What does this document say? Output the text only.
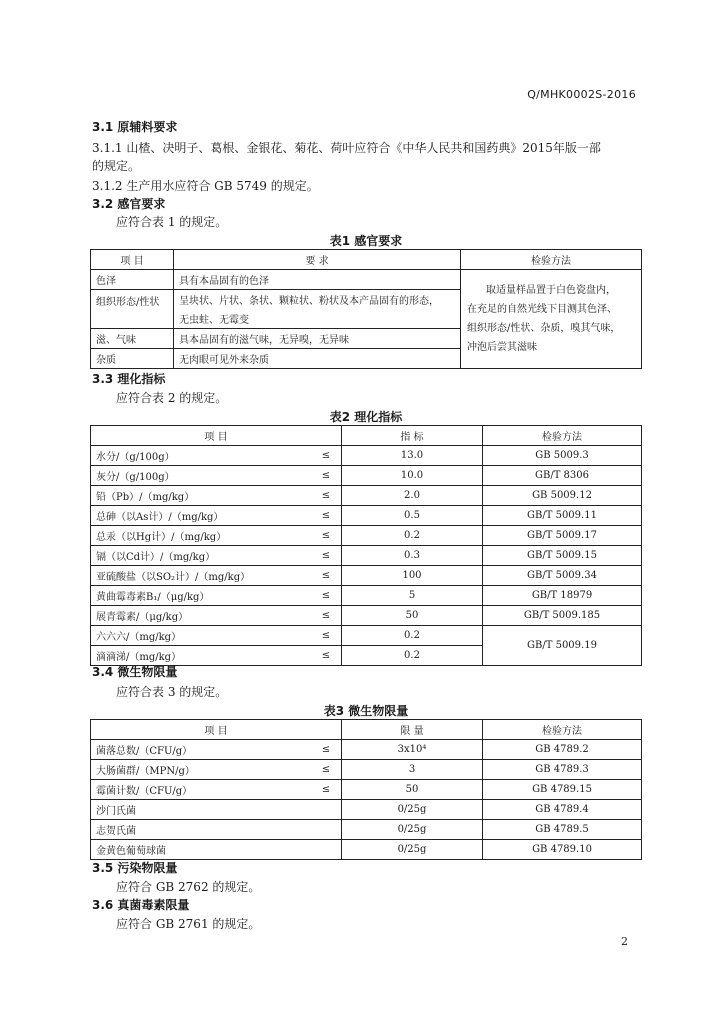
Q/MHK0002S-2016
3.1 原辅料要求
3.1.1 山楂、决明子、葛根、金银花、菊花、荷叶应符合《中华人民共和国药典》2015年版一部
的规定。
3.1.2 生产用水应符合 GB 5749 的规定。
3.2 感官要求
应符合表 1 的规定。
表1 感官要求
项 目	要 求	检验方法
色泽	具有本品固有的色泽	取适量样品置于白色瓷盘内，
在充足的自然光线下目测其色泽、
组织形态/性状、杂质，嗅其气味，
冲泡后尝其滋味

组织形态/性状	呈块状、片状、条状、颗粒状、粉状及本产品固有的形态，	
	无虫蛀、无霉变	
滋、气味	具本品固有的滋气味，无异嗅，无异味	
杂质	无肉眼可见外来杂质	
3.3 理化指标
应符合表 2 的规定。
表2 理化指标
项 目		指 标	检验方法
水分/（g/100g）	≤	13.0	GB 5009.3
灰分/（g/100g）	≤	10.0	GB/T 8306
铅（Pb）/（mg/kg）	≤	2.0	GB 5009.12
总砷（以As计）/（mg/kg）	≤	0.5	GB/T 5009.11
总汞（以Hg计）/（mg/kg）	≤	0.2	GB/T 5009.17
镉（以Cd计）/（mg/kg）	≤	0.3	GB/T 5009.15
亚硫酸盐（以SO₂计）/（mg/kg）	≤	100	GB/T 5009.34
黄曲霉毒素B₁/（μg/kg）	≤	5	GB/T 18979
展青霉素/（μg/kg）	≤	50	GB/T 5009.185
六六六/（mg/kg）	≤	0.2	GB/T 5009.19
滴滴涕/（mg/kg）	≤	0.2	
3.4 微生物限量
应符合表 3 的规定。
表3 微生物限量
项 目		限 量	检验方法
菌落总数/（CFU/g）	≤	3x10⁴	GB 4789.2
大肠菌群/（MPN/g）	≤	3	GB 4789.3
霉菌计数/（CFU/g）	≤	50	GB 4789.15
沙门氏菌		0/25g	GB 4789.4
志贺氏菌		0/25g	GB 4789.5
金黄色葡萄球菌		0/25g	GB 4789.10
3.5 污染物限量
应符合 GB 2762 的规定。
3.6 真菌毒素限量
应符合 GB 2761 的规定。
2
